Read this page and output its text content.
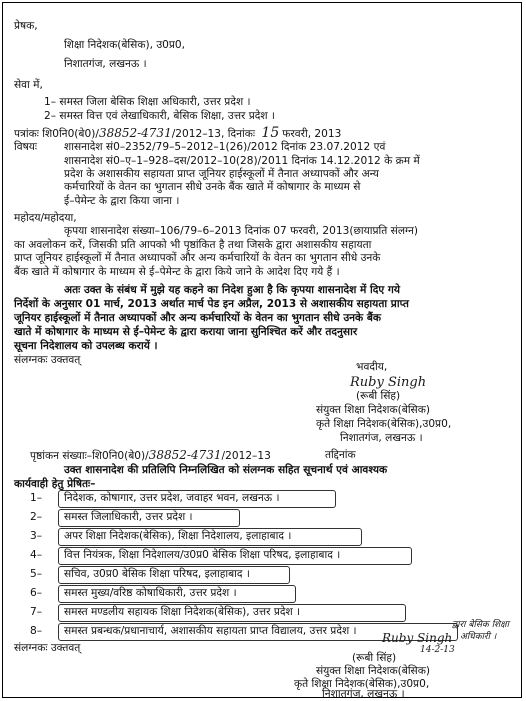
प्रेषक,
शिक्षा निदेशक(बेसिक), उ0प्र0,
निशातगंज, लखनऊ ।
सेवा में,
1– समस्त जिला बेसिक शिक्षा अधिकारी, उत्तर प्रदेश ।
2– समस्त वित्त एवं लेखाधिकारी, बेसिक शिक्षा, उत्तर प्रदेश ।
पत्रांकः शि0नि0(बे0)/38852-4731/2012–13, दिनांकः 15 फरवरी, 2013
विषयः	शासनादेश सं0–2352/79–5–2012–1(26)/2012 दिनांक 23.07.2012 एवं
शासनादेश सं0–ए–1–928–दस/2012–10(28)/2011 दिनांक 14.12.2012 के क्रम में
प्रदेश के अशासकीय सहायता प्राप्त जूनियर हाईस्कूलों में तैनात अध्यापकों और अन्य
कर्मचारियों के वेतन का भुगतान सीधे उनके बैंक खाते में कोषागार के माध्यम से
ई–पेमेन्ट के द्वारा किया जाना ।
महोदय/महोदया,
कृपया शासनादेश संख्या–106/79–6–2013 दिनांक 07 फरवरी, 2013(छायाप्रति संलग्न)
का अवलोकन करें, जिसकी प्रति आपको भी पृष्ठांकित है तथा जिसके द्वारा अशासकीय सहायता
प्राप्त जूनियर हाईस्कूलों में तैनात अध्यापकों और अन्य कर्मचारियों के वेतन का भुगतान सीधे उनके
बैंक खाते में कोषागार के माध्यम से ई–पेमेन्ट के द्वारा किये जाने के आदेश दिए गये हैं ।
अतः उक्त के संबंध में मुझे यह कहने का निदेश हुआ है कि कृपया शासनादेश में दिए गये
निर्देशों के अनुसार 01 मार्च, 2013 अर्थात मार्च पेड इन अप्रैल, 2013 से अशासकीय सहायता प्राप्त
जूनियर हाईस्कूलों में तैनात अध्यापकों और अन्य कर्मचारियों के वेतन का भुगतान सीधे उनके बैंक
खाते में कोषागार के माध्यम से ई–पेमेन्ट के द्वारा कराया जाना सुनिश्चित करें और तदनुसार
सूचना निदेशालय को उपलब्ध करायें ।
संलग्नकः उक्तवत्
भवदीय,
Ruby Singh
(रूबी सिंह)
संयुक्त शिक्षा निदेशक(बेसिक)
कृते शिक्षा निदेशक(बेसिक),उ0प्र0,
निशातगंज, लखनऊ ।
पृष्ठांकन संख्याः–शि0नि0(बे0)/38852-4731/2012–13	तद्दिनांक
उक्त शासनादेश की प्रतिलिपि निम्नलिखित को संलग्नक सहित सूचनार्थ एवं आवश्यक
कार्यवाही हेतु प्रेषितः–
1– निदेशक, कोषागार, उत्तर प्रदेश, जवाहर भवन, लखनऊ ।
2– समस्त जिलाधिकारी, उत्तर प्रदेश ।
3– अपर शिक्षा निदेशक(बेसिक), शिक्षा निदेशालय, इलाहाबाद ।
4– वित्त नियंत्रक, शिक्षा निदेशालय/उ0प्र0 बेसिक शिक्षा परिषद, इलाहाबाद ।
5– सचिव, उ0प्र0 बेसिक शिक्षा परिषद, इलाहाबाद ।
6– समस्त मुख्य/वरिष्ठ कोषाधिकारी, उत्तर प्रदेश ।
7– समस्त मण्डलीय सहायक शिक्षा निदेशक(बेसिक), उत्तर प्रदेश ।
8– समस्त प्रबन्धक/प्रधानाचार्य, अशासकीय सहायता प्राप्त विद्यालय, उत्तर प्रदेश ।
संलग्नकः उक्तवत्
द्वारा बेसिक शिक्षा
अधिकारी ।
Ruby Singh
14-2-13
(रूबी सिंह)
संयुक्त शिक्षा निदेशक(बेसिक)
कृते शिक्षा निदेशक(बेसिक),उ0प्र0,
निशातगंज, लखनऊ ।
